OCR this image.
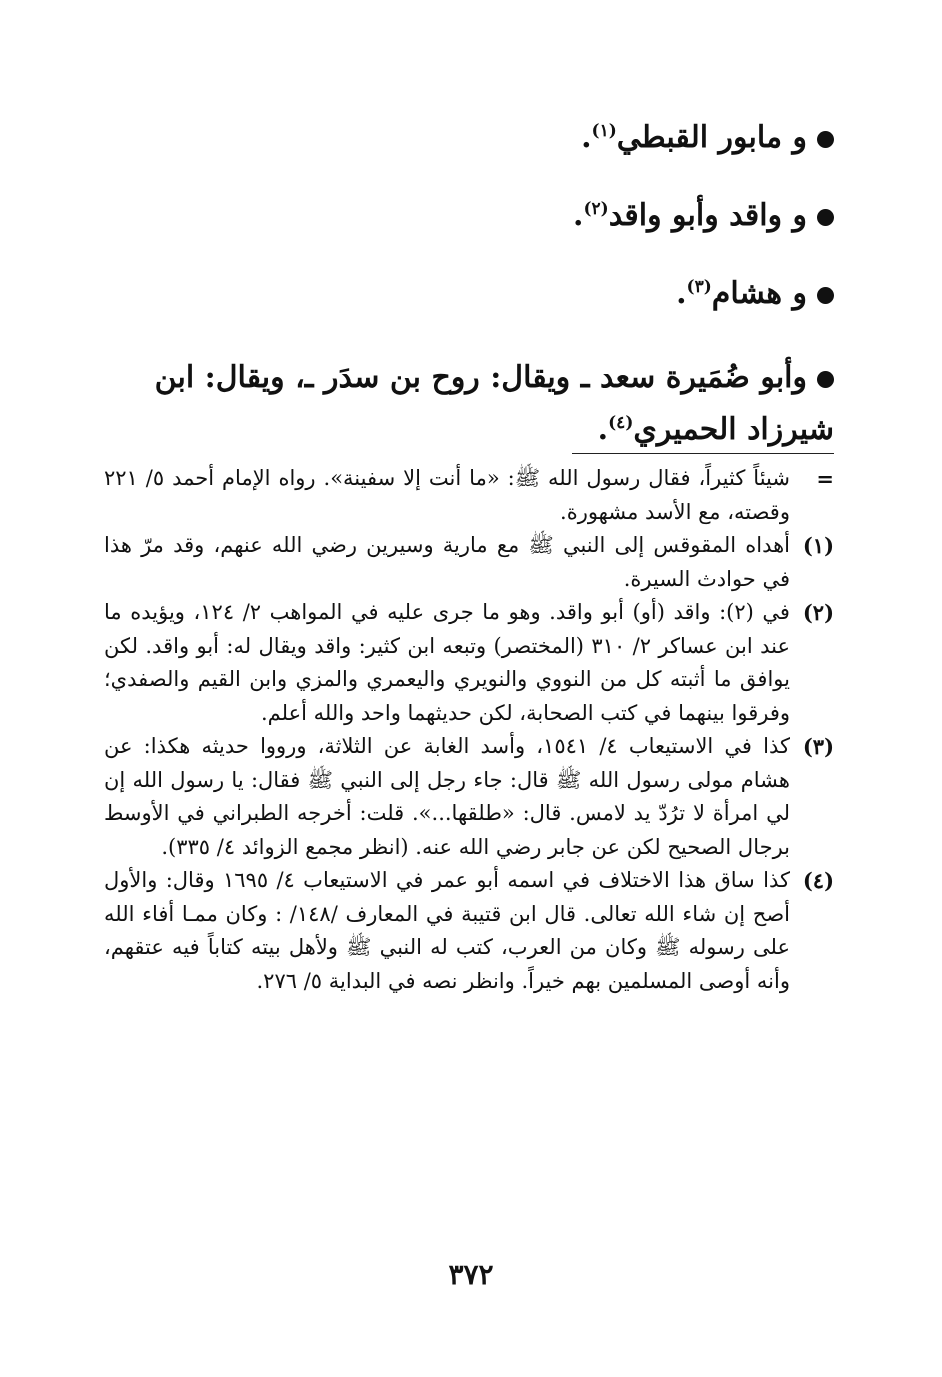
و مابور القبطي$^{(١)}$.

و واقد وأبو واقد$^{(٢)}$.

و هشام$^{(٣)}$.

وأبو ضُمَيرة سعد ـ ويقال: روح بن سدَر ـ، ويقال: ابن شيرزاد الحميري$^{(٤)}$.

=
شيئاً كثيراً، فقال رسول الله ﷺ: «ما أنت إلا سفينة». رواه الإمام أحمد ٥/ ٢٢١ وقصته، مع الأسد مشهورة.

(١)
أهداه المقوقس إلى النبي ﷺ مع مارية وسيرين رضي الله عنهم، وقد مرّ هذا في حوادث السيرة.

(٢)
في (٢): واقد (أو) أبو واقد. وهو ما جرى عليه في المواهب ٢/ ١٢٤، ويؤيده ما عند ابن عساكر ٢/ ٣١٠ (المختصر) وتبعه ابن كثير: واقد ويقال له: أبو واقد. لكن يوافق ما أثبته كل من النووي والنويري واليعمري والمزي وابن القيم والصفدي؛ وفرقوا بينهما في كتب الصحابة، لكن حديثهما واحد والله أعلم.

(٣)
كذا في الاستيعاب ٤/ ١٥٤١، وأسد الغابة عن الثلاثة، ورووا حديثه هكذا: عن هشام مولى رسول الله ﷺ قال: جاء رجل إلى النبي ﷺ فقال: يا رسول الله إن لي امرأة لا ترُدّ يد لامس. قال: «طلقها...». قلت: أخرجه الطبراني في الأوسط برجال الصحيح لكن عن جابر رضي الله عنه. (انظر مجمع الزوائد ٤/ ٣٣٥).

(٤)
كذا ساق هذا الاختلاف في اسمه أبو عمر في الاستيعاب ٤/ ١٦٩٥ وقال: والأول أصح إن شاء الله تعالى. قال ابن قتيبة في المعارف /١٤٨/ : وكان ممـا أفاء الله على رسوله ﷺ وكان من العرب، كتب له النبي ﷺ ولأهل بيته كتاباً فيه عتقهم، وأنه أوصى المسلمين بهم خيراً. وانظر نصه في البداية ٥/ ٢٧٦.

٣٧٢
